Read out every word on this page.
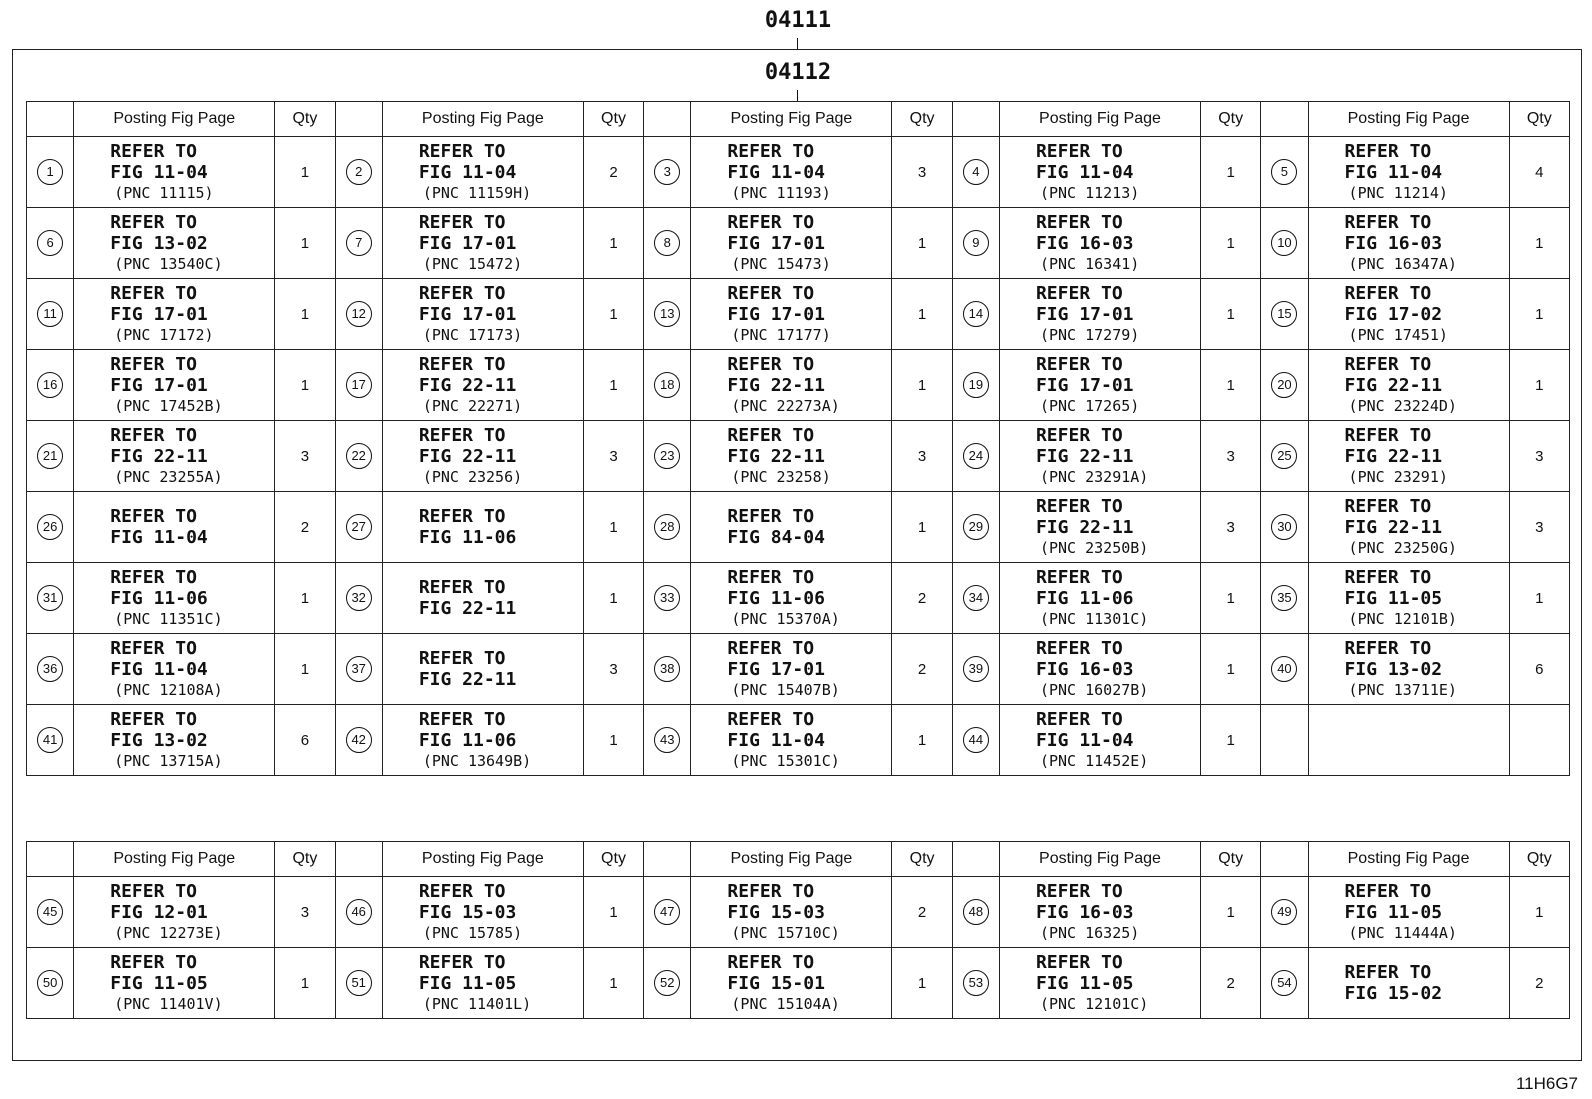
04111
04112
	Posting Fig Page	Qty		Posting Fig Page	Qty		Posting Fig Page	Qty		Posting Fig Page	Qty		Posting Fig Page	Qty
1	REFER TO
FIG 11-04
(PNC 11115)	1	2	REFER TO
FIG 11-04
(PNC 11159H)	2	3	REFER TO
FIG 11-04
(PNC 11193)	3	4	REFER TO
FIG 11-04
(PNC 11213)	1	5	REFER TO
FIG 11-04
(PNC 11214)	4
6	REFER TO
FIG 13-02
(PNC 13540C)	1	7	REFER TO
FIG 17-01
(PNC 15472)	1	8	REFER TO
FIG 17-01
(PNC 15473)	1	9	REFER TO
FIG 16-03
(PNC 16341)	1	10	REFER TO
FIG 16-03
(PNC 16347A)	1
11	REFER TO
FIG 17-01
(PNC 17172)	1	12	REFER TO
FIG 17-01
(PNC 17173)	1	13	REFER TO
FIG 17-01
(PNC 17177)	1	14	REFER TO
FIG 17-01
(PNC 17279)	1	15	REFER TO
FIG 17-02
(PNC 17451)	1
16	REFER TO
FIG 17-01
(PNC 17452B)	1	17	REFER TO
FIG 22-11
(PNC 22271)	1	18	REFER TO
FIG 22-11
(PNC 22273A)	1	19	REFER TO
FIG 17-01
(PNC 17265)	1	20	REFER TO
FIG 22-11
(PNC 23224D)	1
21	REFER TO
FIG 22-11
(PNC 23255A)	3	22	REFER TO
FIG 22-11
(PNC 23256)	3	23	REFER TO
FIG 22-11
(PNC 23258)	3	24	REFER TO
FIG 22-11
(PNC 23291A)	3	25	REFER TO
FIG 22-11
(PNC 23291)	3
26	REFER TO
FIG 11-04	2	27	REFER TO
FIG 11-06	1	28	REFER TO
FIG 84-04	1	29	REFER TO
FIG 22-11
(PNC 23250B)	3	30	REFER TO
FIG 22-11
(PNC 23250G)	3
31	REFER TO
FIG 11-06
(PNC 11351C)	1	32	REFER TO
FIG 22-11	1	33	REFER TO
FIG 11-06
(PNC 15370A)	2	34	REFER TO
FIG 11-06
(PNC 11301C)	1	35	REFER TO
FIG 11-05
(PNC 12101B)	1
36	REFER TO
FIG 11-04
(PNC 12108A)	1	37	REFER TO
FIG 22-11	3	38	REFER TO
FIG 17-01
(PNC 15407B)	2	39	REFER TO
FIG 16-03
(PNC 16027B)	1	40	REFER TO
FIG 13-02
(PNC 13711E)	6
41	REFER TO
FIG 13-02
(PNC 13715A)	6	42	REFER TO
FIG 11-06
(PNC 13649B)	1	43	REFER TO
FIG 11-04
(PNC 15301C)	1	44	REFER TO
FIG 11-04
(PNC 11452E)	1			
	Posting Fig Page	Qty		Posting Fig Page	Qty		Posting Fig Page	Qty		Posting Fig Page	Qty		Posting Fig Page	Qty
45	REFER TO
FIG 12-01
(PNC 12273E)	3	46	REFER TO
FIG 15-03
(PNC 15785)	1	47	REFER TO
FIG 15-03
(PNC 15710C)	2	48	REFER TO
FIG 16-03
(PNC 16325)	1	49	REFER TO
FIG 11-05
(PNC 11444A)	1
50	REFER TO
FIG 11-05
(PNC 11401V)	1	51	REFER TO
FIG 11-05
(PNC 11401L)	1	52	REFER TO
FIG 15-01
(PNC 15104A)	1	53	REFER TO
FIG 11-05
(PNC 12101C)	2	54	REFER TO
FIG 15-02	2
11H6G7
